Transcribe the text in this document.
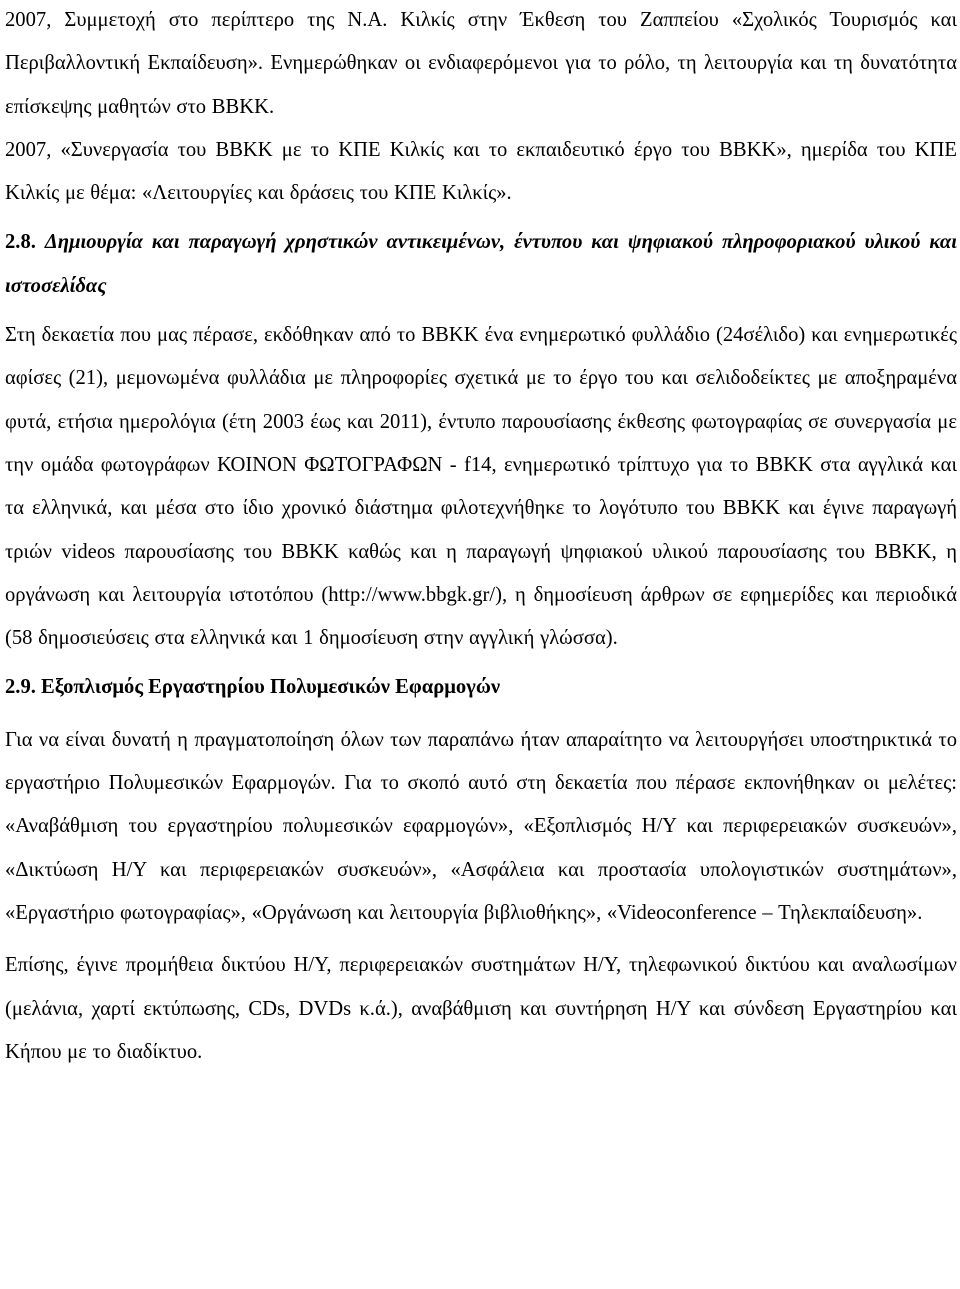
2007, Συμμετοχή στο περίπτερο της Ν.Α. Κιλκίς στην Έκθεση του Ζαππείου «Σχολικός Τουρισμός και Περιβαλλοντική Εκπαίδευση». Ενημερώθηκαν οι ενδιαφερόμενοι για το ρόλο, τη λειτουργία και τη δυνατότητα επίσκεψης μαθητών στο ΒΒΚΚ.

2007, «Συνεργασία του ΒΒΚΚ με το ΚΠΕ Κιλκίς και το εκπαιδευτικό έργο του ΒΒΚΚ», ημερίδα του ΚΠΕ Κιλκίς με θέμα: «Λειτουργίες και δράσεις του ΚΠΕ Κιλκίς».

2.8. Δημιουργία και παραγωγή χρηστικών αντικειμένων, έντυπου και ψηφιακού πληροφοριακού υλικού και ιστοσελίδας

Στη δεκαετία που μας πέρασε, εκδόθηκαν από το ΒΒΚΚ ένα ενημερωτικό φυλλάδιο (24σέλιδο) και ενημερωτικές αφίσες (21), μεμονωμένα φυλλάδια με πληροφορίες σχετικά με το έργο του και σελιδοδείκτες με αποξηραμένα φυτά, ετήσια ημερολόγια (έτη 2003 έως και 2011), έντυπο παρουσίασης έκθεσης φωτογραφίας σε συνεργασία με την ομάδα φωτογράφων ΚΟΙΝΟΝ ΦΩΤΟΓΡΑΦΩΝ - f14, ενημερωτικό τρίπτυχο για το ΒΒΚΚ στα αγγλικά και τα ελληνικά, και μέσα στο ίδιο χρονικό διάστημα φιλοτεχνήθηκε το λογότυπο του ΒΒΚΚ και έγινε παραγωγή τριών videos παρουσίασης του ΒΒΚΚ καθώς και η παραγωγή ψηφιακού υλικού παρουσίασης του ΒΒΚΚ, η οργάνωση και λειτουργία ιστοτόπου (http://www.bbgk.gr/), η δημοσίευση άρθρων σε εφημερίδες και περιοδικά (58 δημοσιεύσεις στα ελληνικά και 1 δημοσίευση στην αγγλική γλώσσα).

2.9. Εξοπλισμός Εργαστηρίου Πολυμεσικών Εφαρμογών

Για να είναι δυνατή η πραγματοποίηση όλων των παραπάνω ήταν απαραίτητο να λειτουργήσει υποστηρικτικά το εργαστήριο Πολυμεσικών Εφαρμογών. Για το σκοπό αυτό στη δεκαετία που πέρασε εκπονήθηκαν οι μελέτες: «Αναβάθμιση του εργαστηρίου πολυμεσικών εφαρμογών», «Εξοπλισμός Η/Υ και περιφερειακών συσκευών», «Δικτύωση Η/Υ και περιφερειακών συσκευών», «Ασφάλεια και προστασία υπολογιστικών συστημάτων», «Εργαστήριο φωτογραφίας», «Οργάνωση και λειτουργία βιβλιοθήκης», «Videoconference – Τηλεκπαίδευση».

Επίσης, έγινε προμήθεια δικτύου Η/Υ, περιφερειακών συστημάτων Η/Υ, τηλεφωνικού δικτύου και αναλωσίμων (μελάνια, χαρτί εκτύπωσης, CDs, DVDs κ.ά.), αναβάθμιση και συντήρηση Η/Υ και σύνδεση Εργαστηρίου και Κήπου με το διαδίκτυο.
